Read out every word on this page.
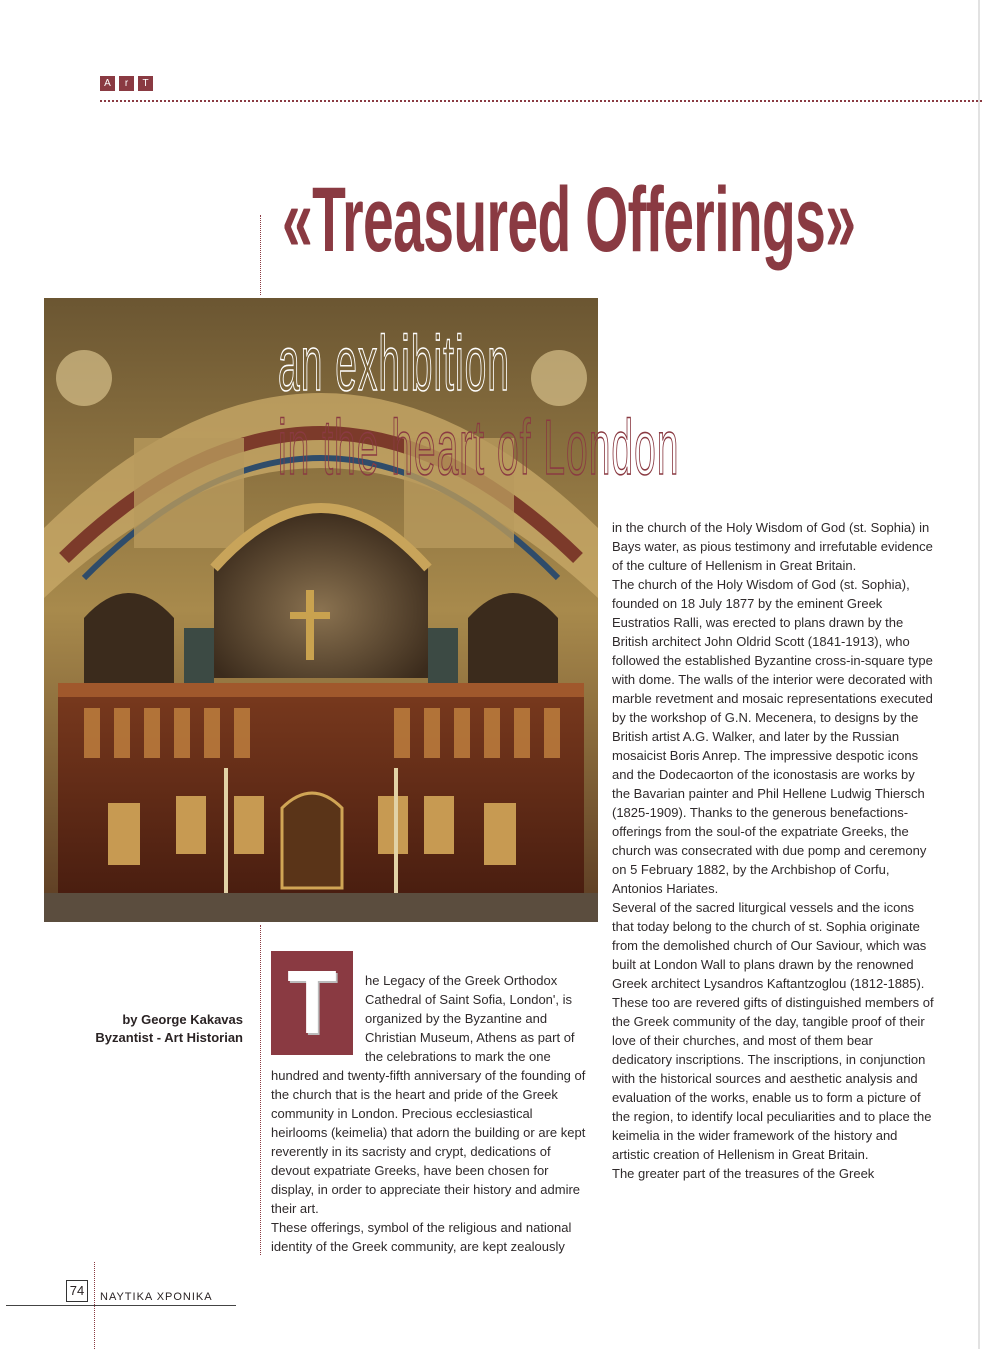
A	r	T
«Treasured Offerings»
an exhibition
in the heart of London
by George Kakavas
Byzantist - Art Historian T	he Legacy of the Greek Orthodox Cathedral of Saint Sofia, London', is organized by the Byzantine and Christian Museum, Athens as part of the celebrations to mark the one

hundred and twenty-fifth anniversary of the founding of the church that is the heart and pride of the Greek community in London. Precious ecclesiastical heirlooms (keimelia) that adorn the building or are kept reverently in its sacristy and crypt, dedications of devout expatriate Greeks, have been chosen for display, in order to appreciate their history and admire their art.

These offerings, symbol of the religious and national identity of the Greek community, are kept zealously

in the church of the Holy Wisdom of God (st. Sophia) in Bays water, as pious testimony and irrefutable evidence of the culture of Hellenism in Great Britain.

The church of the Holy Wisdom of God (st. Sophia), founded on 18 July 1877 by the eminent Greek Eustratios Ralli, was erected to plans drawn by the British architect John Oldrid Scott (1841-1913), who followed the established Byzantine cross-in-square type with dome. The walls of the interior were decorated with marble revetment and mosaic representations executed by the workshop of G.N. Mecenera, to designs by the British artist A.G. Walker, and later by the Russian mosaicist Boris Anrep. The impressive despotic icons and the Dodecaorton of the iconostasis are works by the Bavarian painter and Phil Hellene Ludwig Thiersch (1825-1909). Thanks to the generous benefactions-offerings from the soul-of the expatriate Greeks, the church was consecrated with due pomp and ceremony on 5 February 1882, by the Archbishop of Corfu, Antonios Hariates.

Several of the sacred liturgical vessels and the icons that today belong to the church of st. Sophia originate from the demolished church of Our Saviour, which was built at London Wall to plans drawn by the renowned Greek architect Lysandros Kaftantzoglou (1812-1885).

These too are revered gifts of distinguished members of the Greek community of the day, tangible proof of their love of their churches, and most of them bear dedicatory inscriptions. The inscriptions, in conjunction with the historical sources and aesthetic analysis and evaluation of the works, enable us to form a picture of the region, to identify local peculiarities and to place the keimelia in the wider framework of the history and artistic creation of Hellenism in Great Britain.

The greater part of the treasures of the Greek

74	ΝΑΥΤΙΚΑ ΧΡΟΝΙΚΑ
